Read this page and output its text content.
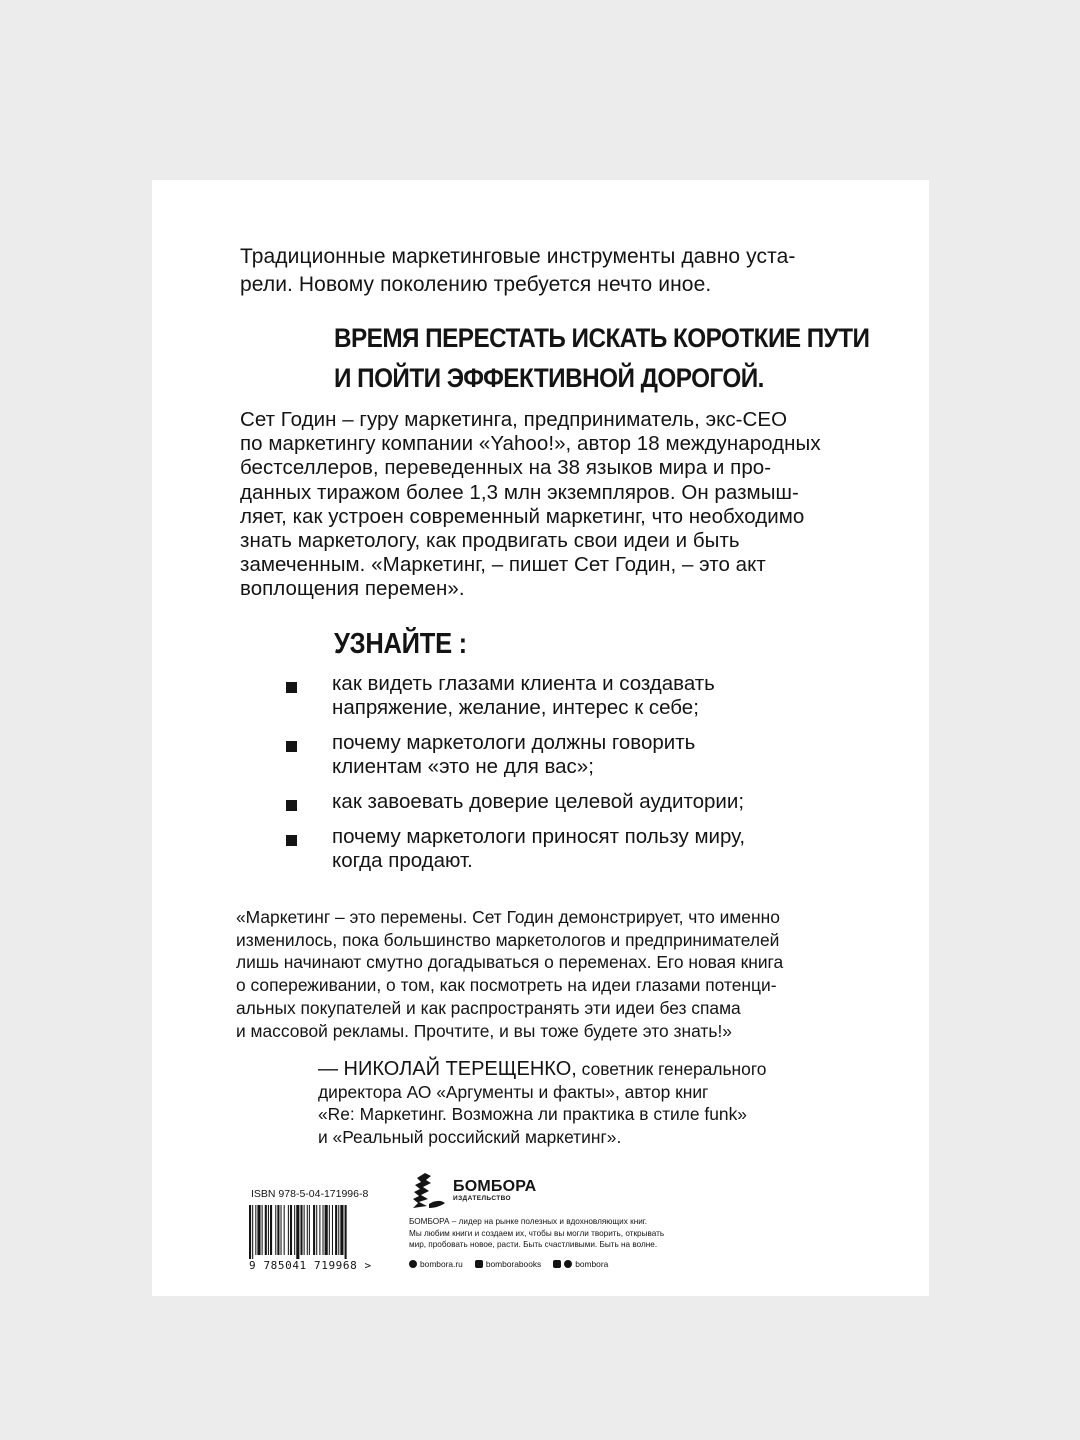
Традиционные маркетинговые инструменты давно уста-
рели. Новому поколению требуется нечто иное.

ВРЕМЯ ПЕРЕСТАТЬ ИСКАТЬ КОРОТКИЕ ПУТИ
И ПОЙТИ ЭФФЕКТИВНОЙ ДОРОГОЙ.

Сет Годин – гуру маркетинга, предприниматель, экс-CEO
по маркетингу компании «Yahoo!», автор 18 международных
бестселлеров, переведенных на 38 языков мира и про-
данных тиражом более 1,3 млн экземпляров. Он размыш-
ляет, как устроен современный маркетинг, что необходимо
знать маркетологу, как продвигать свои идеи и быть
замеченным. «Маркетинг, – пишет Сет Годин, – это акт
воплощения перемен».

УЗНАЙТЕ :
как видеть глазами клиента и создавать
напряжение, желание, интерес к себе;
почему маркетологи должны говорить
клиентам «это не для вас»;
как завоевать доверие целевой аудитории;
почему маркетологи приносят пользу миру,
когда продают.

«Маркетинг – это перемены. Сет Годин демонстрирует, что именно
изменилось, пока большинство маркетологов и предпринимателей
лишь начинают смутно догадываться о переменах. Его новая книга
о сопереживании, о том, как посмотреть на идеи глазами потенци-
альных покупателей и как распространять эти идеи без спама
и массовой рекламы. Прочтите, и вы тоже будете это знать!»

— НИКОЛАЙ ТЕРЕЩЕНКО, советник генерального
директора АО «Аргументы и факты», автор книг
«Re: Маркетинг. Возможна ли практика в стиле funk»
и «Реальный российский маркетинг».

ISBN 978-5-04-171996-8
9 785041 719968 >
БОМБОРА
ИЗДАТЕЛЬСТВО
БОМБОРА – лидер на рынке полезных и вдохновляющих книг.
Мы любим книги и создаем их, чтобы вы могли творить, открывать
мир, пробовать новое, расти. Быть счастливыми. Быть на волне.
bombora.ru	bomborabooks	bombora
